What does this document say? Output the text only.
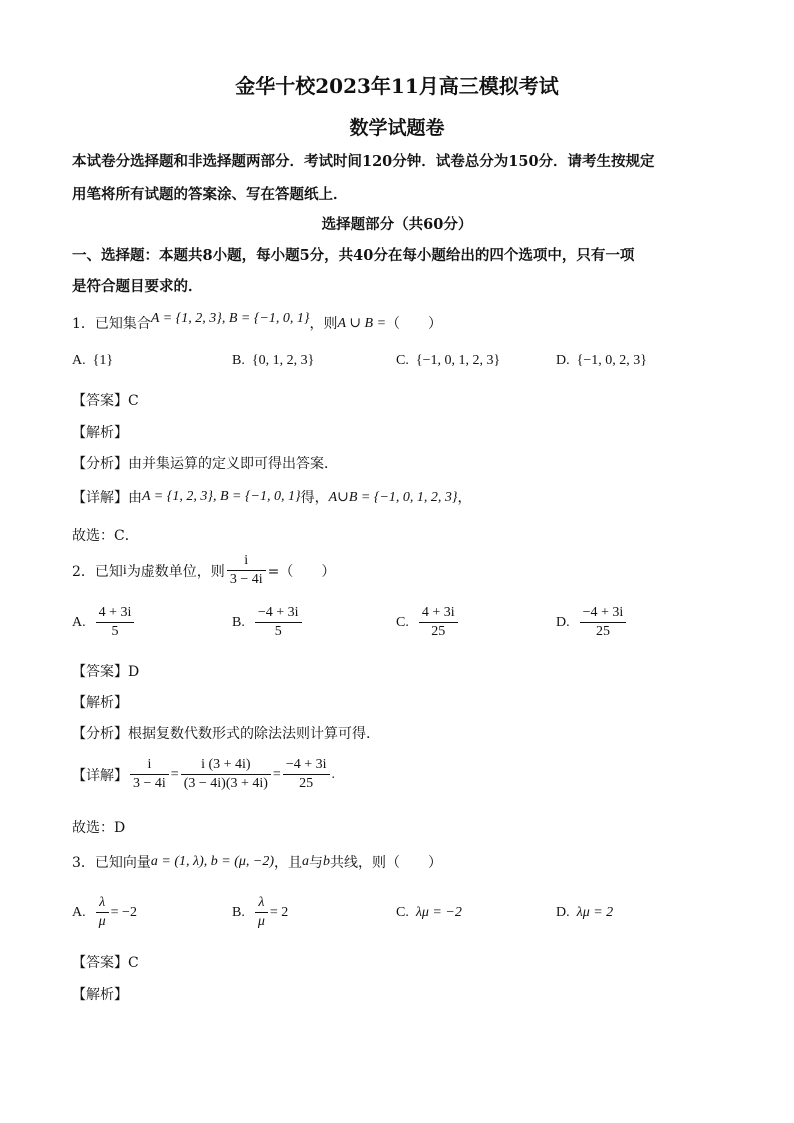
金华十校2023年11月高三模拟考试
数学试题卷
本试卷分选择题和非选择题两部分．考试时间120分钟．试卷总分为150分．请考生按规定
用笔将所有试题的答案涂、写在答题纸上．
选择题部分（共60分）
一、选择题：本题共8小题，每小题5分，共40分在每小题给出的四个选项中，只有一项
是符合题目要求的．
1．已知集合 A = {1, 2, 3}, B = {−1, 0, 1} ，则 A ∪ B = （　　）
A. {1}	B. {0, 1, 2, 3}	C. {−1, 0, 1, 2, 3}	D. {−1, 0, 2, 3}
【答案】C
【解析】
【分析】由并集运算的定义即可得出答案．
【详解】 由 A = {1, 2, 3}, B = {−1, 0, 1} 得， A∪B = {−1, 0, 1, 2, 3} ，
故选：C．
2．已知 i 为虚数单位，则 $\frac{i}{3 - 4i}$ =（　　）
A. $\frac{4 + 3i}{5}$	B. $\frac{-4 + 3i}{5}$	C. $\frac{4 + 3i}{25}$	D. $\frac{-4 + 3i}{25}$
【答案】D
【解析】
【分析】根据复数代数形式的除法法则计算可得.
【详解】 $\frac{i}{3 - 4i} = \frac{i (3 + 4i)}{(3 - 4i)(3 + 4i)} = \frac{-4 + 3i}{25}$ .
故选：D
3．已知向量 a = (1, λ), b = (μ, −2) ，且 a 与 b 共线，则（　　）
A. $\frac{\lambda}{\mu} = -2$	B. $\frac{\lambda}{\mu} = 2$	C. λμ = −2	D. λμ = 2
【答案】C
【解析】
